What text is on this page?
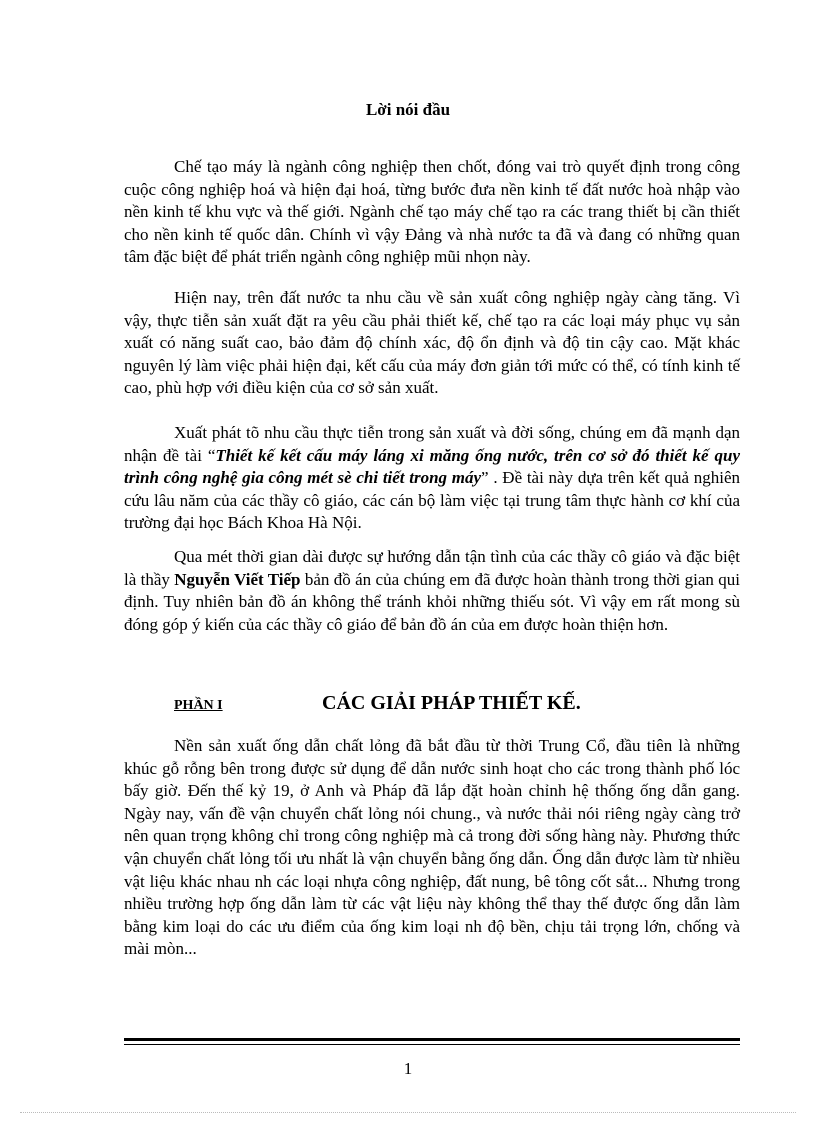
Lời nói đầu

Chế tạo máy là ngành công nghiệp then chốt, đóng vai trò quyết định trong công cuộc công nghiệp hoá và hiện đại hoá, từng bước đưa nền kinh tế đất nước hoà nhập vào nền kinh tế khu vực và thế giới. Ngành chế tạo máy chế tạo ra các trang thiết bị cần thiết cho nền kinh tế quốc dân. Chính vì vậy Đảng và nhà nước ta đã và đang có những quan tâm đặc biệt để phát triển ngành công nghiệp mũi nhọn này.

Hiện nay, trên đất nước ta nhu cầu về sản xuất công nghiệp ngày càng tăng. Vì vậy, thực tiễn sản xuất đặt ra yêu cầu phải thiết kế, chế tạo ra các loại máy phục vụ sản xuất có năng suất cao, bảo đảm độ chính xác, độ ổn định và độ tin cậy cao. Mặt khác nguyên lý làm việc phải hiện đại, kết cấu của máy đơn giản tới mức có thể, có tính kinh tế cao, phù hợp với điều kiện của cơ sở sản xuất.

Xuất phát tõ nhu cầu thực tiễn trong sản xuất và đời sống, chúng em đã mạnh dạn nhận đề tài “Thiết kế kết cấu máy láng xi măng ống nước, trên cơ sở đó thiết kế quy trình công nghệ gia công mét sè chi tiết trong máy” . Đề tài này dựa trên kết quả nghiên cứu lâu năm của các thầy cô giáo, các cán bộ làm việc tại trung tâm thực hành cơ khí của trường đại học Bách Khoa Hà Nội.

Qua mét thời gian dài được sự hướng dẫn tận tình của các thầy cô giáo và đặc biệt là thầy Nguyễn Viết Tiếp bản đồ án của chúng em đã được hoàn thành trong thời gian qui định. Tuy nhiên bản đồ án không thể tránh khỏi những thiếu sót. Vì vậy em rất mong sù đóng góp ý kiến của các thầy cô giáo để bản đồ án của em được hoàn thiện hơn.

PHẦN I	CÁC GIẢI PHÁP THIẾT KẾ.

Nền sản xuất ống dẫn chất lỏng đã bắt đầu từ thời Trung Cổ, đầu tiên là những khúc gỗ rỗng bên trong được sử dụng để dẫn nước sinh hoạt cho các trong thành phố lóc bấy giờ. Đến thế kỷ 19, ở Anh và Pháp đã lắp đặt hoàn chỉnh hệ thống ống dẫn gang. Ngày nay, vấn đề vận chuyển chất lỏng nói chung., và nước thải nói riêng ngày càng trở nên quan trọng không chỉ trong công nghiệp mà cả trong đời sống hàng này. Phương thức vận chuyển chất lỏng tối ưu nhất là vận chuyển bằng ống dẫn. Ống dẫn được làm từ nhiều vật liệu khác nhau nh các loại nhựa công nghiệp, đất nung, bê tông cốt sắt... Nhưng trong nhiều trường hợp ống dẫn làm từ các vật liệu này không thể thay thế được ống dẫn làm bằng kim loại do các ưu điểm của ống kim loại nh độ bền, chịu tải trọng lớn, chống và mài mòn...

1
